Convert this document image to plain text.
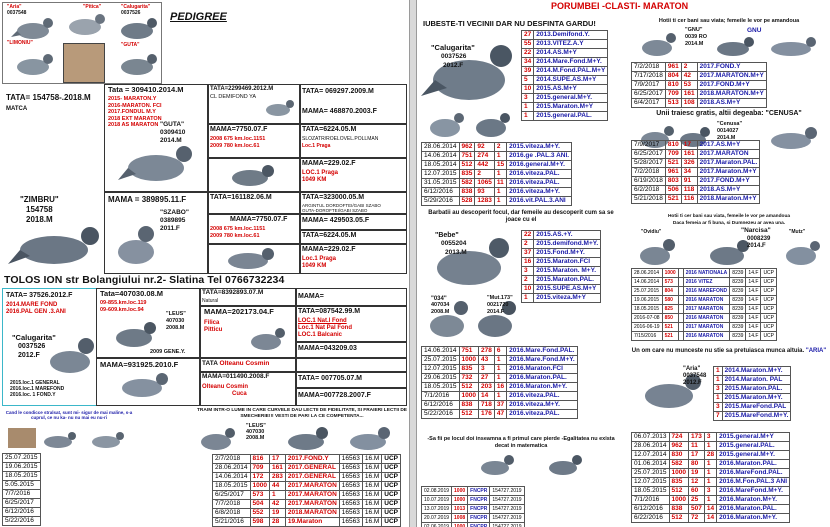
PEDIGREE
"Aria"
0037548
"Pitica"	"Calugarita"
0037526
"LIMONIU"	"GUTA"
TATA= 154758-.2018.M
MATCA
Tata = 309410.2014.M
2015- MARATON.Y
2016-MARATON. FCI
2017.FONDUL M.Y
2018 EXT MARATON
2018 AS MARATON "GUTA"
0309410
2014.M
TATA=2299469.2012.M
CL DEMIFOND YA
TATA= 069297.2009.M
MAMA= 468870.2003.F
MAMA=7750.07.F
2008 675 km.loc.1151
2009 780 km.loc.61
TATA=6224.05.M
SLOZATR/ROELOVEL.POLLMAN
Loc.1 Praga
MAMA=229.02.F
LOC.1 Praga
1049 KM
"ZIMBRU"
154758
2018.M
MAMA = 389895.11.F
"SZABO"
0389895
2011.F
TATA=161182.06.M	TATA=323000.05.M
ARGINTUL DORDOFTEI/GABI SZABO
GUTA-DOROFTEI/GABI SZABO
MAMA=7750.07.F
2008 675 km.loc.1151
2009 780 km.loc.61
MAMA= 429503.05.F
TATA=6224.05.M
MAMA=229.02.F
Loc.1 Praga
1049 KM
TOLOS ION str Bolangiului nr.2- Slatina Tel 0766732234
TATA= 37526.2012.F
2014.MARE FOND
2016.PAL GEN .3.ANI
"Calugarita"
0037526
2012.F
2015.loc.1 GENERAL
2016.loc.1 MAREFOND
2016.loc. 1 FOND.Y
Tata=407030.08.M
09-855.km.loc.119
09-609.km.loc.94
"LEUS"
407030
2008.M
2009 GENE.Y.
MAMA=931925.2010.F
TATA=8392893.07.M
Natural
MAMA=
MAMA=202173.04.F
Filica
Pitticu
TATA=087542.99.M
LOC.1 Nat.l Fond
Loc.1 Nat Pal Fond
LOC.1 Balcanic
MAMA=043209.03
TATA Olteanu Cosmin
MAMA=011490.2008.F
Olteanu Cosmin
Cuca
TATA= 007705.07.M
MAMA=007728.2007.F
Cand le condicce stralsat, sunt mi- sigur de mai maline, s-a cuprul, ce nu ka- nu nu mai eu nu-ri
25.07.2015
19.06.2015
18.05.2015
5.05.2015
7/7/2016
6/25/2017
6/12/2016
5/22/2016
TRAIM INTR-O LUME IN CARE CURVELE DAU LECTII DE FIDELITATE, SI FRAIERI LECTII DE SMECHERIE!!! VESTI DE PAR! LA CE COMPETENTA...
"LEUS"
407030
2008.M
2/7/2018	816	17	2017.FOND.Y	16563	16.M	UCP
28.06.2014	709	161	2017.GENERAL	16563	16.M	UCP
14.06.2014	172	283	2017.GENERAL	16563	16.M	UCP
18.05.2015	1000	44	2017.MARATON	16563	16.M	UCP
6/25/2017	573	1	2017.MARATON	16563	16.M	UCP
7/7/2018	504	42	2017.MARATON	16563	16.M	UCP
6/8/2018	552	19	2018.MARATON	16563	16.M	UCP
5/21/2016	598	28	19.Maraton	16563	16.M	UCP
PORUMBEI -CLASTI- MARATON
IUBESTE-TI VECINII DAR NU DESFINTA GARDU!
"Calugarita"
0037526
2012.F
27	2013.Demifond.Y.
55	2013.VITEZ.A.Y
22	2014.AS.M+Y
34	2014.Mare.Fond.M+Y.
39	2014.M.Fond.PAL.M+Y
5	2014.SUPE.AS.M+Y
10	2015.AS.M+Y
3	2015.general.M+Y.
1	2015.Maraton.M+Y
1	2015.general.PAL.
28.06.2014	962	92	2	2015.viteza.M+Y.
14.06.2014	751	274	1	2016.ge .PAL.3 ANI.
18.05.2014	512	442	15	2016.general.M+Y.
12.07.2015	835	2	1	2016.viteza.PAL.
31.05.2015	582	1065	11	2016.viteza.PAL.
6/12/2016	838	93	1	2016.viteza.M+Y.
5/29/2016	528	1283	1	2016.vit.PAL.3.ANI
Barbatii au descoperit focul, dar femeile au descoperit cum sa se joace cu el
"Bebe"
0055204
2013.M
22	2015.AS.+Y.
2	2015.demifond.M+Y.
37	2015.Fond.M+Y.
16	2015.Maraton.FCI
3	2015.Maraton. M+Y.
2	2015.Maraton.PAL.
10	2015.SUPE.AS.M+Y
1	2015.viteza.M+Y
"034"
407034
2008.M
"Mut.173"
0021720
2014.F
14.06.2014	751	278	6	2016.Mare.Fond.PAL.
25.07.2015	1000	43	1	2016.Mare.Fond.M+Y.
12.07.2015	835	3	1	2016.Maraton.FCI
29.06.2015	732	27	1	2016.Maraton.PAL.
18.05.2015	512	203	16	2016.Maraton.M+Y.
7/1/2016	1000	14	1	2016.viteza.PAL.
6/12/2016	838	718	37	2016.viteza.M+Y.
5/22/2016	512	176	47	2016.viteza.PAL.
-Sa fii pe locul doi inseamna a fi primul care pierde -Egalitatea nu exista decat in matematica
02.08.2019	1000	FNCPR	154727.2019
10.07.2019	1000	FNCPR	154727.2019
13.07.2019	1013	FNCPR	154727.2019
20.07.2019	1008	FNCPR	154727.2019
02.06.2019	1000	FNCPR	154727.2019
Hotii ti cer bani sau viata; femeile le vor pe amandoua
"GNU"
0039 RO
2014.M
GNU
7/2/2018	961	2	2017.FOND.Y
7/17/2018	804	42	2017.MARATON.M+Y
7/9/2017	810	53	2017.FOND.M+Y
6/25/2017	709	161	2018.MARATON.M+Y
6/4/2017	513	108	2018.AS.M+Y
Unii traiesc gratis, altii degeaba: "CENUSA"
"Cenusa"
0014027
2014.M
7/9/2017	810	17	2017.AS.M+Y
6/25/2017	709	161	2017.MARATON
5/28/2017	521	326	2017.Maraton.PAL.
7/2/2018	961	34	2017.Maraton.M+Y
6/19/2018	803	91	2017.FOND.M+Y
6/2/2018	506	118	2018.AS.M+Y
5/21/2018	521	116	2018.Maraton.M+Y
Hotii ti cer bani sau viata, femeile le vor pe amandoua
Daca femeia ar fi buna, si Dumnezeu ar avea una.
"Ovidiu"	"Narcisa"
0008239
2014.F
"Mutz"
28.06.2014	1000		2016 NATIONALA	8239	14.F	UCP
14.06.2014	573		2016 VITEZ	8239	14.F	UCP
25.07.2015	804		2016 MAREFOND	8239	14.F	UCP
19.06.2015	580		2016 MARATON	8239	14.F	UCP
18.05.2015	825		2017 MARATON	8239	14.F	UCP
2016-07-08	850		2016 MARATON	8239	14.F	UCP
2016-06-19	521		2017 MARATON	8239	14.F	UCP
7/15/2016	521		2016 MARATON	8239	14.F	UCP
Un om care nu munceste nu stie sa pretuiasca munca altuia. "ARIA"
"Aria"
0037548
2012.F
1	2014.Maraton.M+Y.
1	2014.Maraton. PAL
3	2015.Maraton.PAL.
1	2015.Maraton.M+Y.
3	2015.MareFond.PAL
7	2015.MareFond.M+Y.
06.07.2013	724	173	3	2015.general.M+Y
28.06.2014	962	11	1	2015.general.PAL.
12.07.2014	830	17	28	2015.general.M+Y.
01.06.2014	582	80	1	2016.Maraton.PAL.
25.07.2015	1000	19	1	2016.MareFond.PAL.
12.07.2015	835	12	1	2016.M.Fon.PAL.3 ANI
18.05.2015	512	60	3	2016.MareFond.M+Y.
7/1/2016	1000	25	1	2016.Maraton.M+Y.
6/12/2016	838	507	14	2016.Maraton.PAL.
6/22/2016	512	72	14	2016.Maraton.M+Y.
